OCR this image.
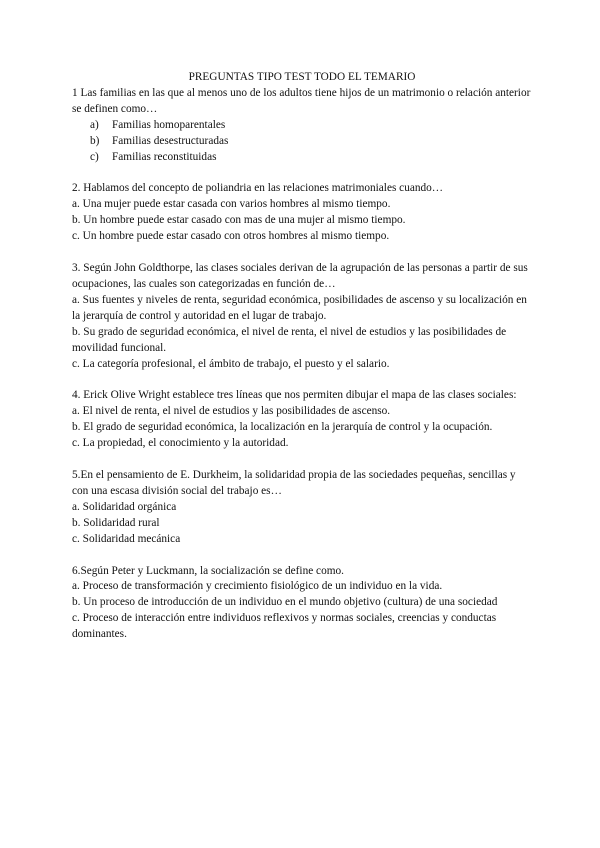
PREGUNTAS TIPO TEST TODO EL TEMARIO

1 Las familias en las que al menos uno de los adultos tiene hijos de un matrimonio o relación anterior se definen como…

a)	Familias homoparentales
b)	Familias desestructuradas
c)	Familias reconstituidas

2. Hablamos del concepto de poliandria en las relaciones matrimoniales cuando…

a. Una mujer puede estar casada con varios hombres al mismo tiempo.

b. Un hombre puede estar casado con mas de una mujer al mismo tiempo.

c. Un hombre puede estar casado con otros hombres al mismo tiempo.

3. Según John Goldthorpe, las clases sociales derivan de la agrupación de las personas a partir de sus ocupaciones, las cuales son categorizadas en función de…

a. Sus fuentes y niveles de renta, seguridad económica, posibilidades de ascenso y su localización en la jerarquía de control y autoridad en el lugar de trabajo.

b. Su grado de seguridad económica, el nivel de renta, el nivel de estudios y las posibilidades de movilidad funcional.

c. La categoría profesional, el ámbito de trabajo, el puesto y el salario.

4. Erick Olive Wright establece tres líneas que nos permiten dibujar el mapa de las clases sociales:

a. El nivel de renta, el nivel de estudios y las posibilidades de ascenso.

b. El grado de seguridad económica, la localización en la jerarquía de control y la ocupación.

c. La propiedad, el conocimiento y la autoridad.

5.En el pensamiento de E. Durkheim, la solidaridad propia de las sociedades pequeñas, sencillas y con una escasa división social del trabajo es…

a. Solidaridad orgánica

b. Solidaridad rural

c. Solidaridad mecánica

6.Según Peter y Luckmann, la socialización se define como.

a. Proceso de transformación y crecimiento fisiológico de un individuo en la vida.

b. Un proceso de introducción de un individuo en el mundo objetivo (cultura) de una sociedad

c. Proceso de interacción entre individuos reflexivos y normas sociales, creencias y conductas dominantes.
